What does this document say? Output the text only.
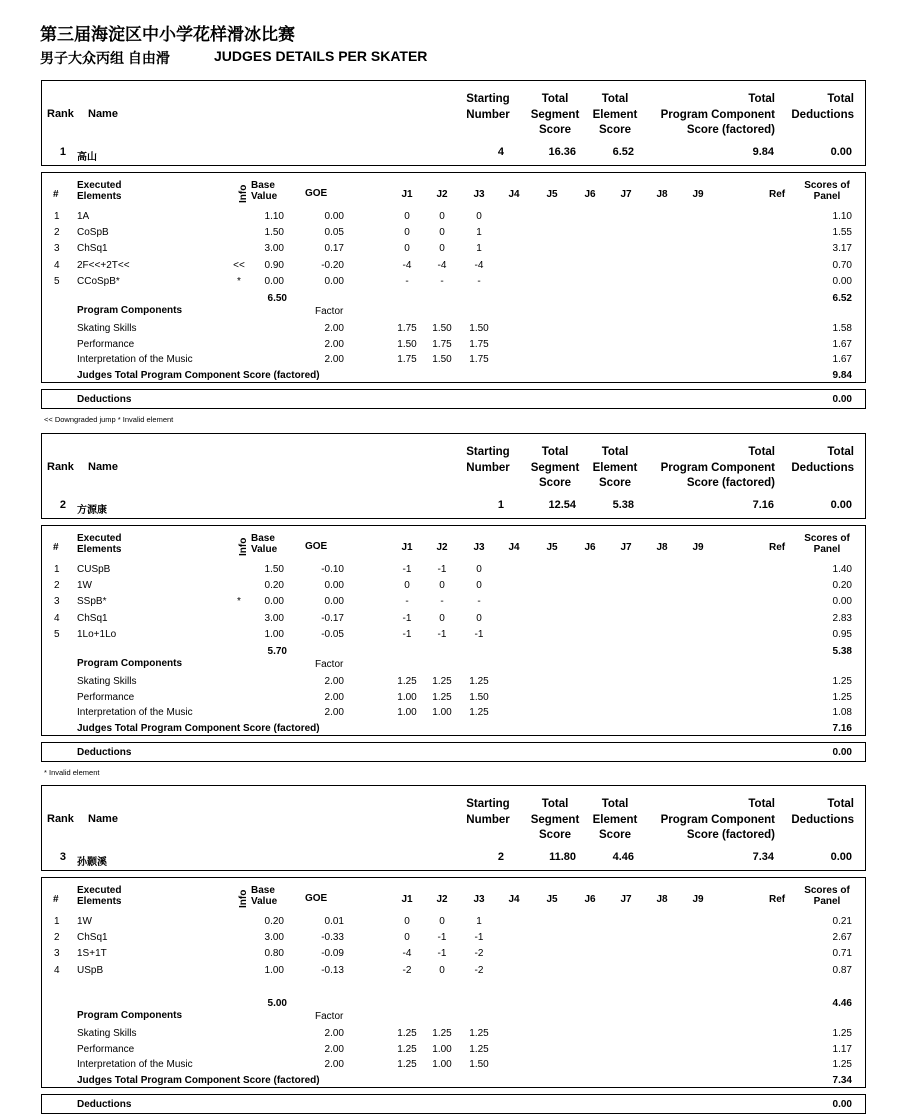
第三届海淀区中小学花样滑冰比赛
男子大众丙组 自由滑	JUDGES DETAILS PER SKATER
Rank Name
Starting
Number
Total
Segment
Score
Total
Element
Score
Total
Program Component
Score (factored)
Total
Deductions
1 高山	4	16.36	6.52	9.84	0.00
#
Executed
Elements	Info Base
Value	GOE	J1	J2	J3	J4	J5	J6	J7	J8	J9	Ref
Scores of
Panel
1 1A	1.10	0.00	0	0	0	1.10
2 CoSpB	1.50	0.05	0	0	1	1.55
3 ChSq1	3.00	0.17	0	0	1	3.17
4 2F<<+2T<<	<<	0.90	-0.20	-4	-4	-4	0.70
5 CCoSpB*	*	0.00	0.00	-	-	-	0.00
6.50	6.52
Program Components	Factor
Skating Skills	2.00	1.75	1.50	1.50	1.58
Performance	2.00	1.50	1.75	1.75	1.67
Interpretation of the Music	2.00	1.75	1.50	1.75	1.67
Judges Total Program Component Score (factored)	9.84
Deductions	0.00
<< Downgraded jump * Invalid element
Rank Name
Starting
Number
Total
Segment
Score
Total
Element
Score
Total
Program Component
Score (factored)
Total
Deductions
2 方源康	1	12.54	5.38	7.16	0.00
#
Executed
Elements	Info Base
Value	GOE	J1	J2	J3	J4	J5	J6	J7	J8	J9	Ref
Scores of
Panel
1 CUSpB	1.50	-0.10	-1	-1	0	1.40
2 1W	0.20	0.00	0	0	0	0.20
3 SSpB*	*	0.00	0.00	-	-	-	0.00
4 ChSq1	3.00	-0.17	-1	0	0	2.83
5 1Lo+1Lo	1.00	-0.05	-1	-1	-1	0.95
5.70	5.38
Program Components	Factor
Skating Skills	2.00	1.25	1.25	1.25	1.25
Performance	2.00	1.00	1.25	1.50	1.25
Interpretation of the Music	2.00	1.00	1.00	1.25	1.08
Judges Total Program Component Score (factored)	7.16
Deductions	0.00
* Invalid element
Rank Name
Starting
Number
Total
Segment
Score
Total
Element
Score
Total
Program Component
Score (factored)
Total
Deductions
3 孙颢溪	2	11.80	4.46	7.34	0.00
#
Executed
Elements	Info Base
Value	GOE	J1	J2	J3	J4	J5	J6	J7	J8	J9	Ref
Scores of
Panel
1 1W	0.20	0.01	0	0	1	0.21
2 ChSq1	3.00	-0.33	0	-1	-1	2.67
3 1S+1T	0.80	-0.09	-4	-1	-2	0.71
4 USpB	1.00	-0.13	-2	0	-2	0.87
5.00	4.46
Program Components	Factor
Skating Skills	2.00	1.25	1.25	1.25	1.25
Performance	2.00	1.25	1.00	1.25	1.17
Interpretation of the Music	2.00	1.25	1.00	1.50	1.25
Judges Total Program Component Score (factored)	7.34
Deductions	0.00
